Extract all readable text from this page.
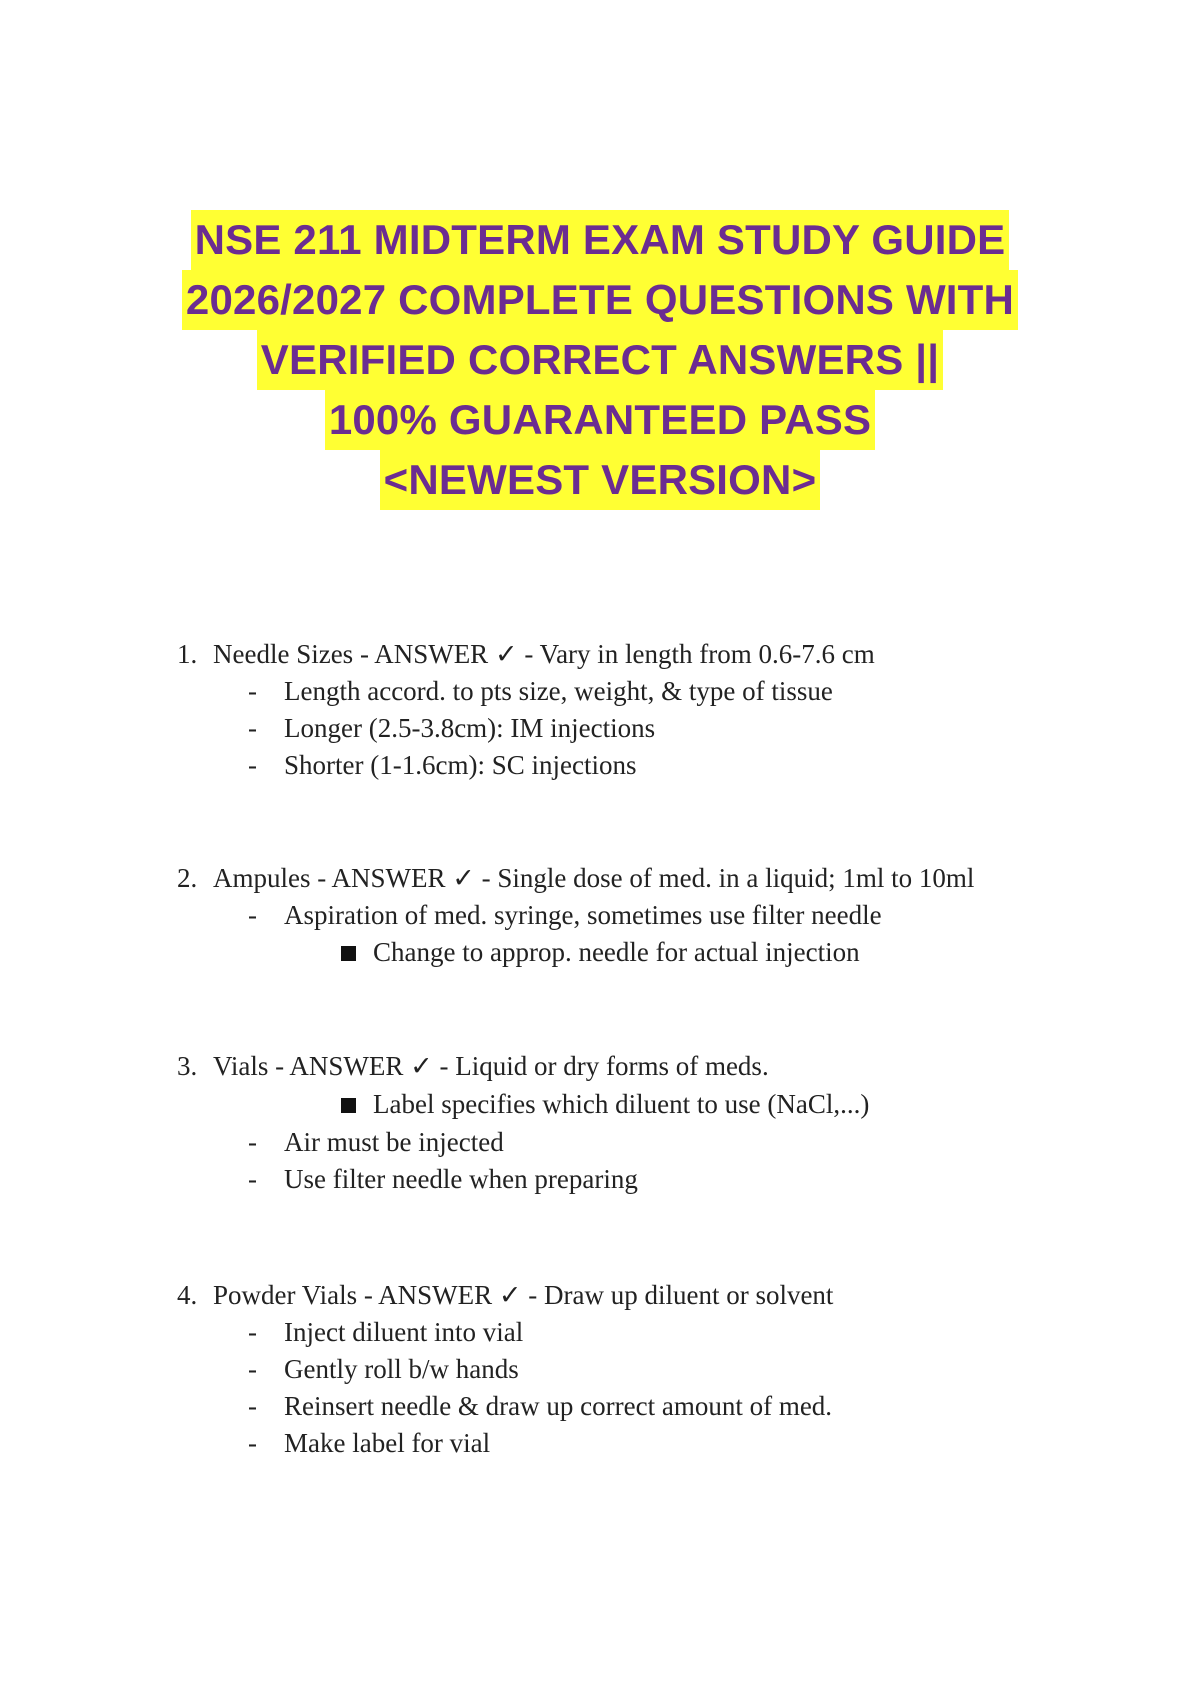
NSE 211 MIDTERM EXAM STUDY GUIDE
2026/2027 COMPLETE QUESTIONS WITH
VERIFIED CORRECT ANSWERS ||
100% GUARANTEED PASS
<NEWEST VERSION>
1. Needle Sizes - ANSWER ✓ - Vary in length from 0.6-7.6 cm
- Length accord. to pts size, weight, & type of tissue
- Longer (2.5-3.8cm): IM injections
- Shorter (1-1.6cm): SC injections
2. Ampules - ANSWER ✓ - Single dose of med. in a liquid; 1ml to 10ml
- Aspiration of med. syringe, sometimes use filter needle
Change to approp. needle for actual injection
3. Vials - ANSWER ✓ - Liquid or dry forms of meds.
Label specifies which diluent to use (NaCl,...)
- Air must be injected
- Use filter needle when preparing
4. Powder Vials - ANSWER ✓ - Draw up diluent or solvent
- Inject diluent into vial
- Gently roll b/w hands
- Reinsert needle & draw up correct amount of med.
- Make label for vial
